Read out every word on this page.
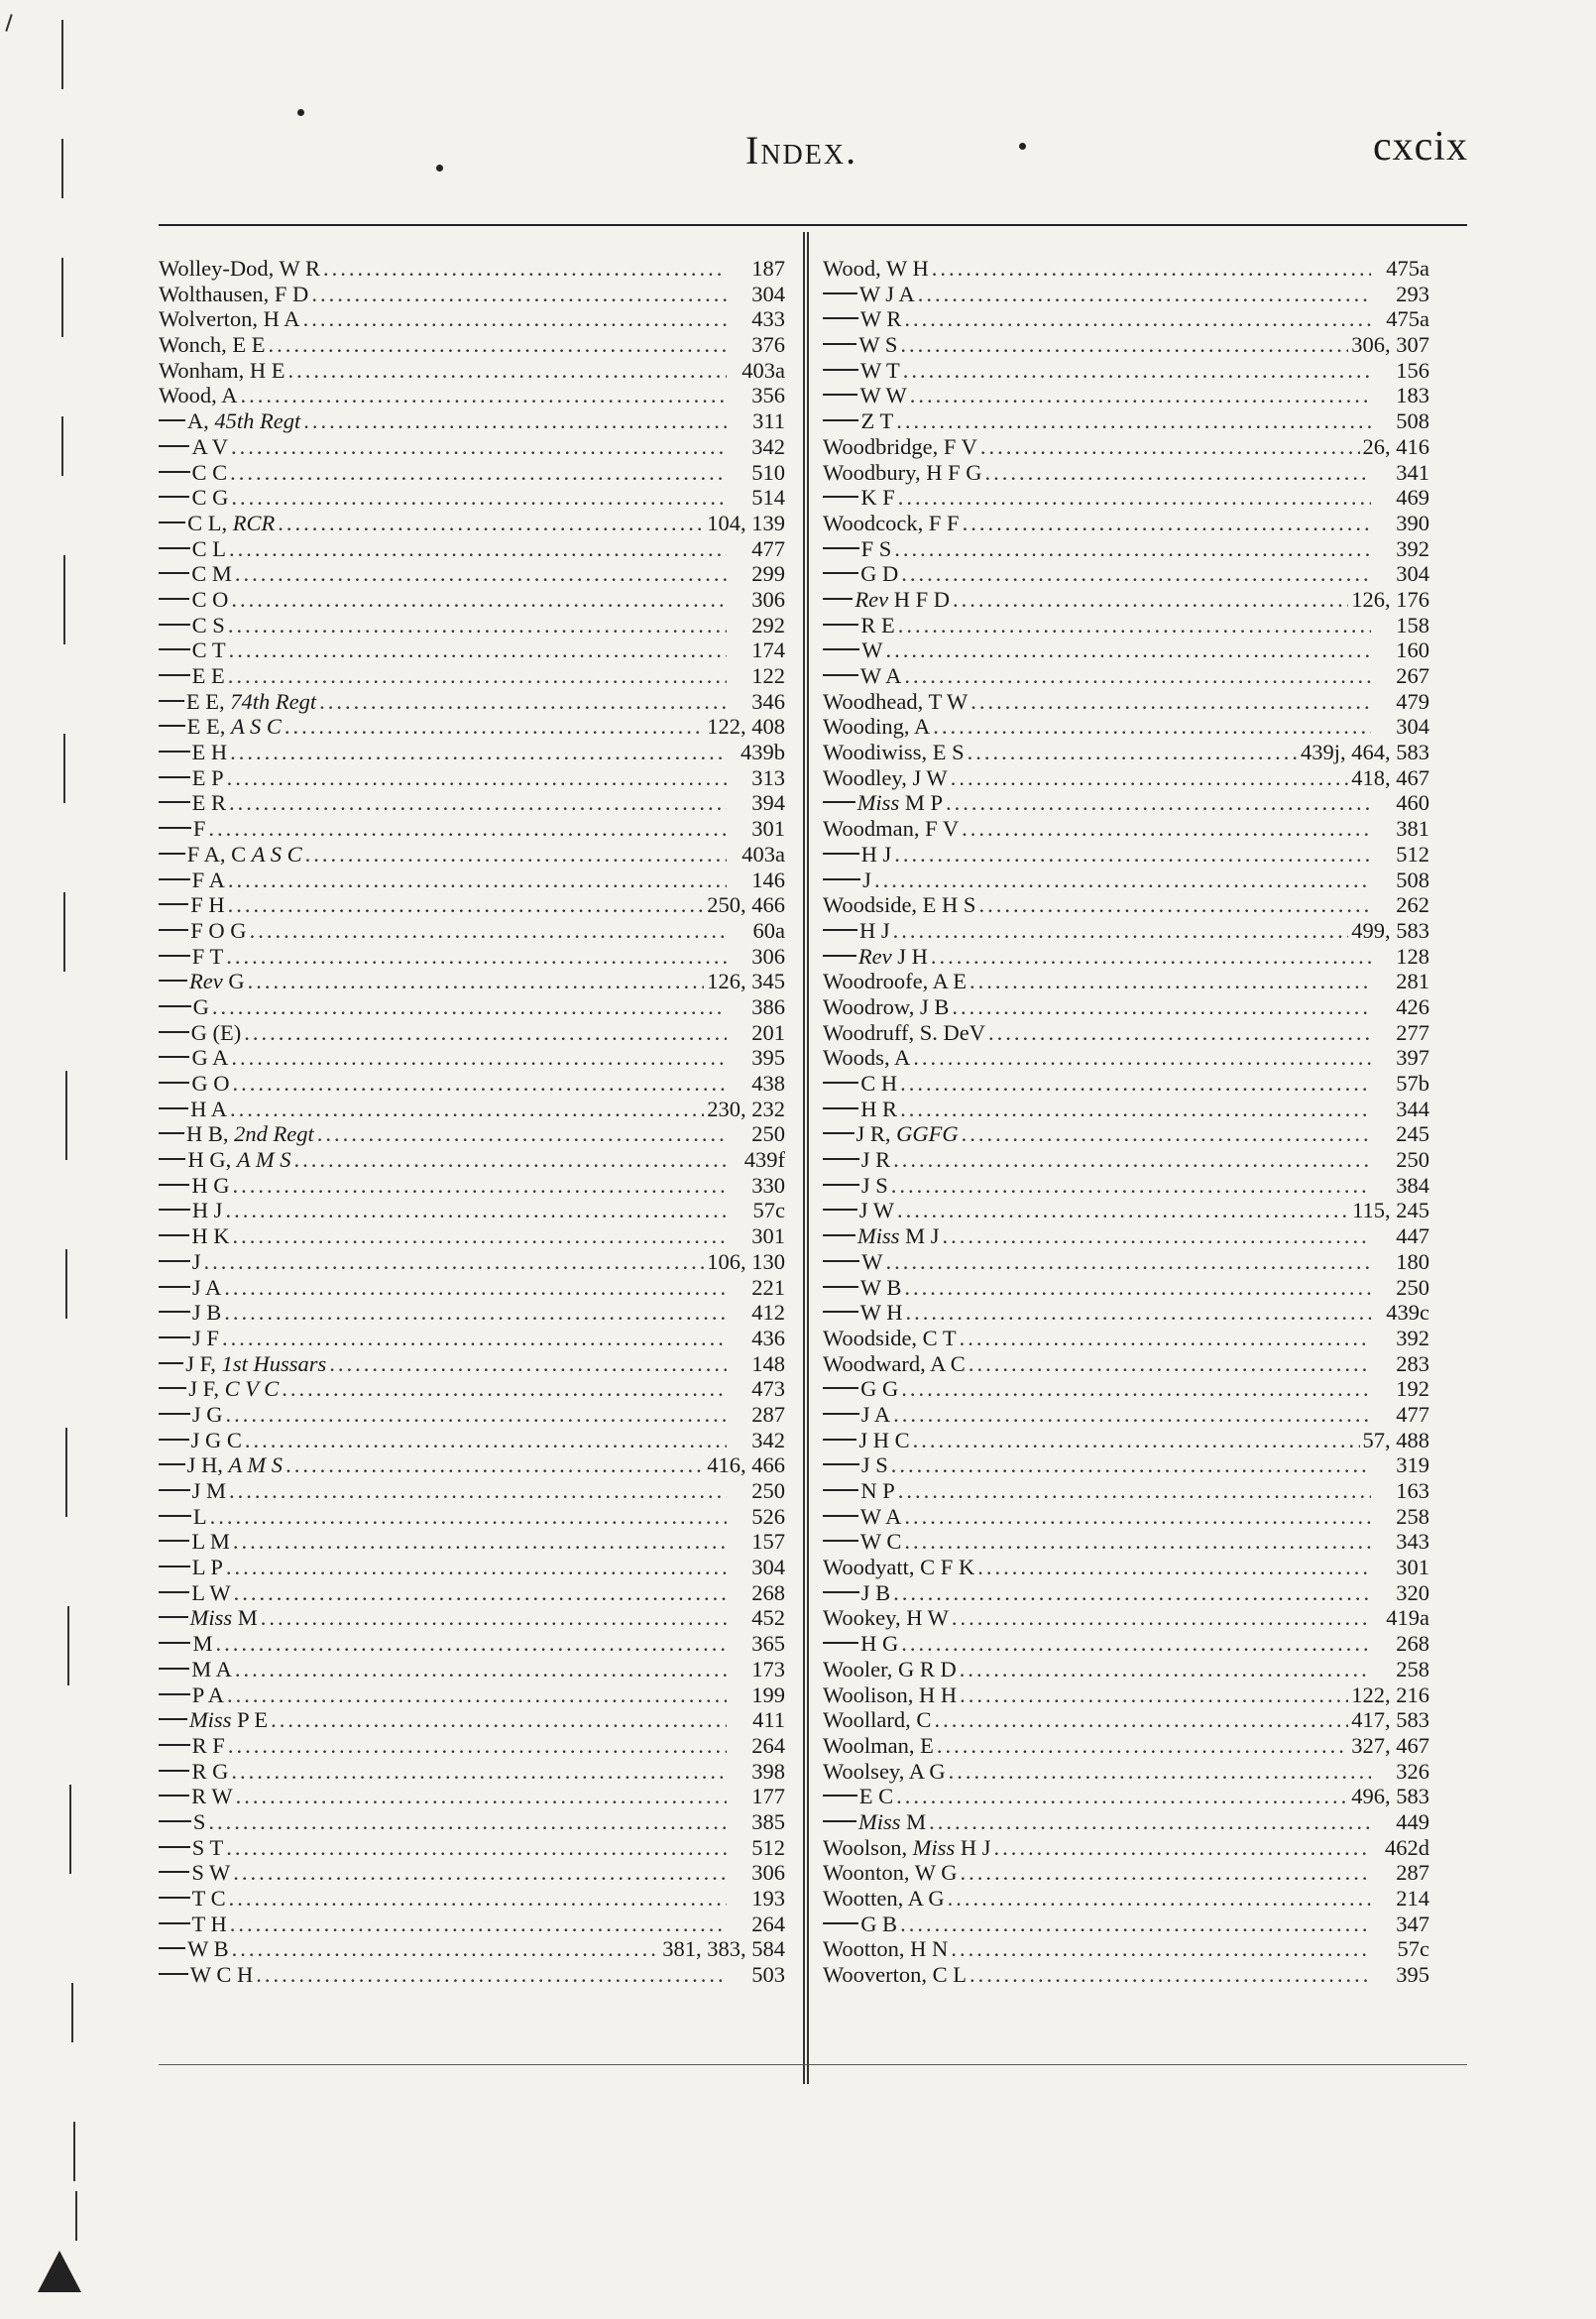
Index.	cxcix
Wolley-Dod, W R .....	187
Wolthausen, F D .....	304
Wolverton, H A .....	433
Wonch, E E .....	376
Wonham, H E .....	403a
Wood, A .....	356
A, 45th Regt .....	311
A V .....	342
C C .....	510
C G .....	514
C L, RCR .....	104, 139
C L .....	477
C M .....	299
C O .....	306
C S .....	292
C T .....	174
E E .....	122
E E, 74th Regt .....	346
E E, A S C .....	122, 408
E H .....	439b
E P .....	313
E R .....	394
F .....	301
F A, C A S C .....	403a
F A .....	146
F H .....	250, 466
F O G .....	60a
F T .....	306
Rev G .....	126, 345
G .....	386
G (E) .....	201
G A .....	395
G O .....	438
H A .....	230, 232
H B, 2nd Regt .....	250
H G, A M S .....	439f
H G .....	330
H J .....	57c
H K .....	301
J .....	106, 130
J A .....	221
J B .....	412
J F .....	436
J F, 1st Hussars .....	148
J F, C V C .....	473
J G .....	287
J G C .....	342
J H, A M S .....	416, 466
J M .....	250
L .....	526
L M .....	157
L P .....	304
L W .....	268
Miss M .....	452
M .....	365
M A .....	173
P A .....	199
Miss P E .....	411
R F .....	264
R G .....	398
R W .....	177
S .....	385
S T .....	512
S W .....	306
T C .....	193
T H .....	264
W B .....	381, 383, 584
W C H .....	503
Wood, W H .....	475a
W J A .....	293
W R .....	475a
W S .....	306, 307
W T .....	156
W W .....	183
Z T .....	508
Woodbridge, F V .....	26, 416
Woodbury, H F G .....	341
K F .....	469
Woodcock, F F .....	390
F S .....	392
G D .....	304
Rev H F D .....	126, 176
R E .....	158
W .....	160
W A .....	267
Woodhead, T W .....	479
Wooding, A .....	304
Woodiwiss, E S .....	439j, 464, 583
Woodley, J W .....	418, 467
Miss M P .....	460
Woodman, F V .....	381
H J .....	512
J .....	508
Woodside, E H S .....	262
H J .....	499, 583
Rev J H .....	128
Woodroofe, A E .....	281
Woodrow, J B .....	426
Woodruff, S. DeV .....	277
Woods, A .....	397
C H .....	57b
H R .....	344
J R, GGFG .....	245
J R .....	250
J S .....	384
J W .....	115, 245
Miss M J .....	447
W .....	180
W B .....	250
W H .....	439c
Woodside, C T .....	392
Woodward, A C .....	283
G G .....	192
J A .....	477
J H C .....	57, 488
J S .....	319
N P .....	163
W A .....	258
W C .....	343
Woodyatt, C F K .....	301
J B .....	320
Wookey, H W .....	419a
H G .....	268
Wooler, G R D .....	258
Woolison, H H .....	122, 216
Woollard, C .....	417, 583
Woolman, E .....	327, 467
Woolsey, A G .....	326
E C .....	496, 583
Miss M .....	449
Woolson, Miss H J .....	462d
Woonton, W G .....	287
Wootten, A G .....	214
G B .....	347
Wootton, H N .....	57c
Wooverton, C L .....	395
